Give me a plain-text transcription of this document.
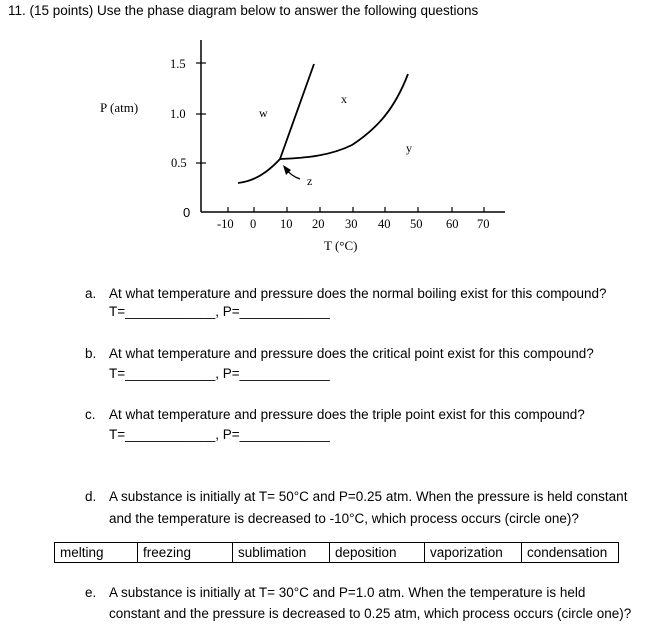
11. (15 points) Use the phase diagram below to answer the following questions
P (atm)
1.5
1.0
0.5
0
-10 0 10 20 30 40 50 60 70
T (°C)
w
x
y
z
a. At what temperature and pressure does the normal boiling exist for this compound?
T=____________, P=____________
b. At what temperature and pressure does the critical point exist for this compound?
T=____________, P=____________
c. At what temperature and pressure does the triple point exist for this compound?
T=____________, P=____________
d. A substance is initially at T= 50°C and P=0.25 atm. When the pressure is held constant
and the temperature is decreased to -10°C, which process occurs (circle one)?
melting	freezing	sublimation	deposition	vaporization	condensation
e. A substance is initially at T= 30°C and P=1.0 atm. When the temperature is held
constant and the pressure is decreased to 0.25 atm, which process occurs (circle one)?
